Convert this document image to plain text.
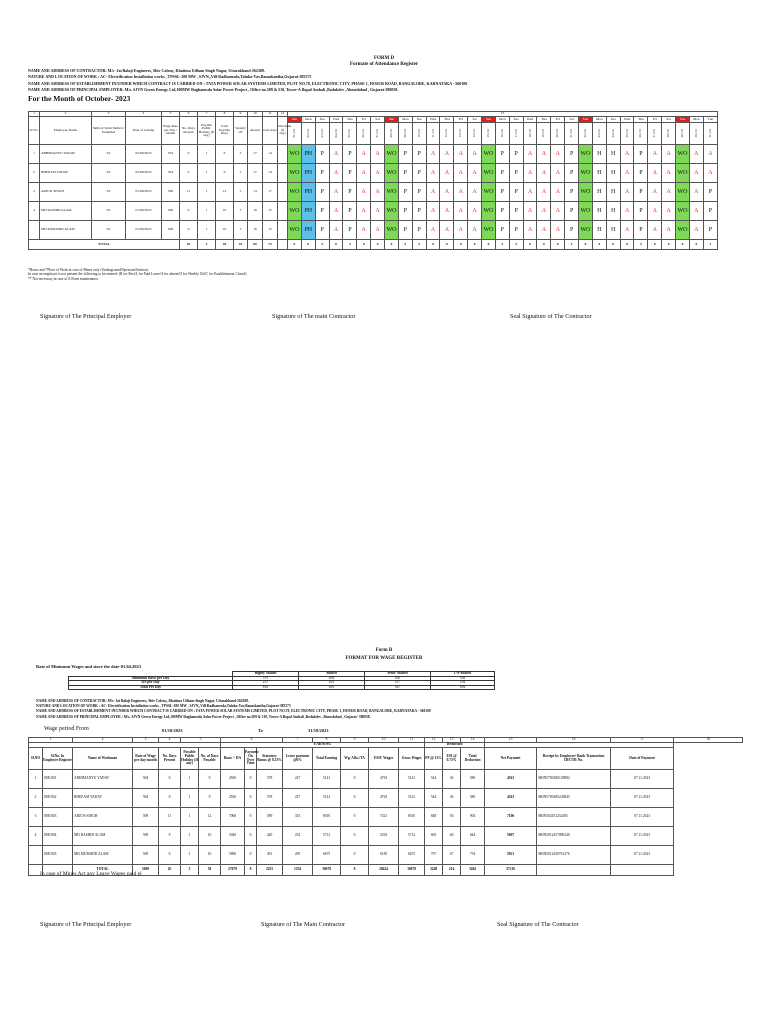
FORM D
Formate of Attendance Register
NAME AND ADDRESS OF CONTRACTOR: M/s- Jai Balaji Engineers, Shiv Colony, Khatima Udham Singh Nagar, Uttarakhand-262308.
NATURE AND LOCATION OF WORK : AC- Electrification Installation works , TPSSL-100 MW , SJVN,,Vill-Radhanesda,Taluka-Vav,Banaskantha,Gujarat-385575
NAME AND ADDRESS OF ESTABLISHMENT IN/UNDER WHICH CONTRACT IS CARRIED ON : TATA POWER SOLAR SYSTEMS LIMITED, PLOT NO.78, ELECTRONIC CITY, PHASE 1, HOSUR ROAD, BANGALORE, KARNATAKA - 560100
NAME AND ADDRESS OF PRINCIPAL EMPLOYER: M/s. SJVN Green Energy Ltd,100MW Raghanesda Solar Power Project , Office no.509 & 510, Tower-A Bopal Ambali ,Bodakdev ,Ahmedabad , Gujarat-380058.
For the Month of October- 2023
1	2	3	4	5	6	7	8	9	10	11	12	13																														
Sl No.	Employee Name	Skilled/ Semi Skilled / Unskilled	Date of Joining	Wage Rate per Day / Month	No. Days Present	Payable Public Holiday (If any)	Total Payable Days	Weekly off	Absent	total days	Overtime (if any)	Sun	Mon	Tue	Wed	Thu	Fri	Sat	Sun	Mon	Tue	Wed	Thu	Fri	Sat	Sun	Mon	Tue	Wed	Thu	Fri	Sat	Sun	Mon	Tue	Wed	Thu	Fri	Sat	Sun	Mon	Tue
												01-Oct	02-Oct	03-Oct	04-Oct	05-Oct	06-Oct	07-Oct	08-Oct	09-Oct	10-Oct	11-Oct	12-Oct	13-Oct	14-Oct	15-Oct	16-Oct	17-Oct	18-Oct	19-Oct	20-Oct	21-Oct	22-Oct	23-Oct	24-Oct	25-Oct	26-Oct	27-Oct	28-Oct	29-Oct	30-Oct	31-Oct
1	ABHIMANYU YADAV	SS	02/08/2023	504	0	1	9	5	17	14		WO	PH	P	A	P	A	A	WO	P	P	A	A	A	A	WO	P	P	A	A	A	P	WO	H	H	A	P	A	A	WO	A	A
2	BHEEAM YADAV	SS	02/08/2023	504	0	1	9	5	17	14		WO	PH	P	A	P	A	A	WO	P	P	A	A	A	A	WO	P	P	A	A	A	P	WO	H	H	A	P	A	A	WO	A	A
3	ARJUN SINGH	SS	01/08/2023	509	11	1	12	5	14	17		WO	PH	P	A	P	A	A	WO	P	P	A	A	A	A	WO	P	P	A	A	A	P	WO	H	H	A	P	A	A	WO	A	P
4	MD RASHID ALAM	SS	01/09/2023	509	9	1	10	5	16	15		WO	PH	P	A	P	A	A	WO	P	P	A	A	A	A	WO	P	P	A	A	A	P	WO	H	H	A	P	A	A	WO	A	P
	MD MURSHID ALAM	SS	01/09/2023	509	9	1	10	5	16	15		WO	PH	P	A	P	A	A	WO	P	P	A	A	A	A	WO	P	P	A	A	A	P	WO	H	H	A	P	A	A	WO	A	P
TOTAL					45	5	50	25	80	75		0	0	5	0	5	0	0	0	5	5	0	0	0	0	0	5	5	0	0	0	5	0	0	0	0	5	0	0	0	0	2
*Hours and *Place of Work in case of Mines only (Underground/Opencast/Surface)
In case an employee is not present the following to be entered: (R for Rest/L for Paid Leave/A for absent/O for Weekly Off/C for Establishment Closed)
** Not necessary in case of E Form maintenance
Signature of The Principal Employer	Signature of The main Contractor	Seal Signature of The Contractor
Form B
FORMAT FOR WAGE REGISTER
Rate of Minimum Wages and since the date-01.04.2023
	Highly Skilled	Skilled	Semi- Skilled	UN-Skilled
Minimum Basic per Day	579	494	450	358
DA per Day	237	201	517	194
Total Per Day	816	695	567	494
NAME AND ADDRESS OF CONTRACTOR: M/s- Jai Balaji Engineers, Shiv Colony, Khatima Udham Singh Nagar, Uttarakhand-262308.
NATURE AND LOCATION OF WORK : AC- Electrification Installation works , TPSSL-100 MW , SJVN,,Vill-Radhanesda,Taluka-Vav,Banaskantha,Gujarat-385575
NAME AND ADDRESS OF ESTABLISHMENT IN/UNDER WHICH CONTRACT IS CARRIED ON : TATA POWER SOLAR SYSTEMS LIMITED, PLOT NO.78, ELECTRONIC CITY, PHASE 1, HOSUR ROAD, BANGALORE, KARNATAKA - 560100
NAME AND ADDRESS OF PRINCIPAL EMPLOYER : M/s. SJVN Green Energy Ltd,100MW Raghanesda Solar Power Project , Office no.509 & 510, Tower-A Bopal Ambali ,Bodakdev ,Ahmedabad , Gujarat- 380058.
Wage period From	01/10/2023	To	31/10/2023
1		2	3	4	5		6			7	8	9	10	11	12	13	14	15	16	17	18
							EARNING								Deduction						
Sl.NO	Sl.No. In Employee Register	Name of Workman	Rate of Wage per day/month	No. Days Present	Payable Public Holiday (If any)	No. of Days Payable	Basic + DA	Payment On Over Time	Statutory Bonus @ 8.33%	Leave payment @6%	Total Earning	Wg. Allw./TA	ESIC Wages	Gross Wages	PF @ 12%	ESI @ 0.75%	Total Deduction	Net Payment	Receipt by Employee/ Bank Transaction ID/UTR No.	Date of Payment	
1	JBE/001	ABHIMANYU YADAV	504	0	1	9	4536	0	378	227	5141	0	4763	5141	544	36	580	4561	SBIN578548S129882	07.11.2023	
2	JBE/002	BHEEAM YADAV	504	0	1	9	4536	0	378	227	5141	0	4763	5141	544	36	580	4561	SBIN578548S245845	07.11.2023	
3	JBE/003	ARJUN SINGH	509	11	1	12	7068	0	589	353	8010	0	7421	8010	848	56	904	7106	SBIN502451252485	07.11.2023	
4	JBE/004	MD RASHID ALAM	509	9	1	10	5040	0	420	252	5712	0	5292	5712	605	40	644	5067	SBIN501245789624S	07.11.2023	
	JBE/005	MD MURSHID ALAM	509	9	1	10	5890	0	491	295	6675	0	6185	6675	707	47	754	5921	SBIN5012458761276	07.11.2023	
		TOTAL	2690	45	5	50	27079	0	2255	1354	30678	0	28424	30678	3248	214	3462	27216			
In case of Mines Act any Leave Wages paid el
Signature of The Principal Employer	Signature of The Main Contractor	Seal Signature of The Contractor
